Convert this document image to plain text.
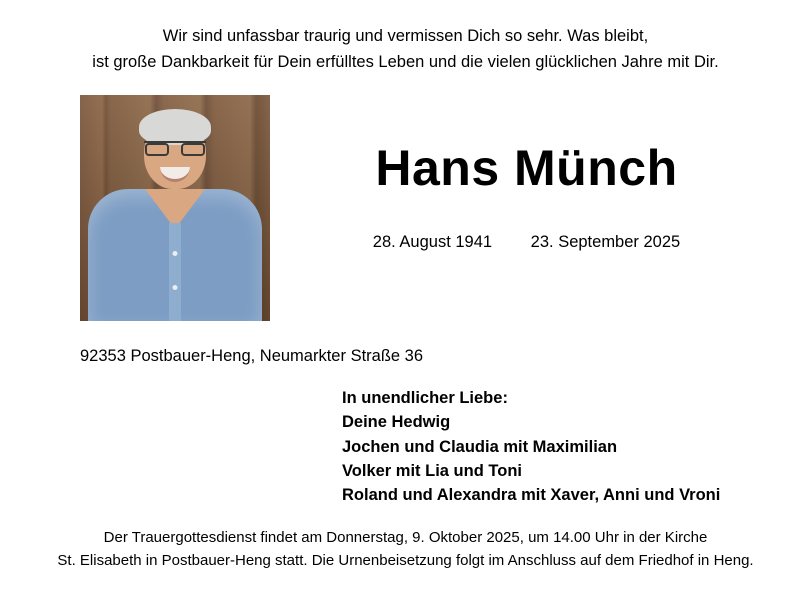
Wir sind unfassbar traurig und vermissen Dich so sehr. Was bleibt,
ist große Dankbarkeit für Dein erfülltes Leben und die vielen glücklichen Jahre mit Dir.
Hans Münch
28. August 1941 23. September 2025
92353 Postbauer-Heng, Neumarkter Straße 36
In unendlicher Liebe:
Deine Hedwig
Jochen und Claudia mit Maximilian
Volker mit Lia und Toni
Roland und Alexandra mit Xaver, Anni und Vroni
Der Trauergottesdienst findet am Donnerstag, 9. Oktober 2025, um 14.00 Uhr in der Kirche
St. Elisabeth in Postbauer-Heng statt. Die Urnenbeisetzung folgt im Anschluss auf dem Friedhof in Heng.
